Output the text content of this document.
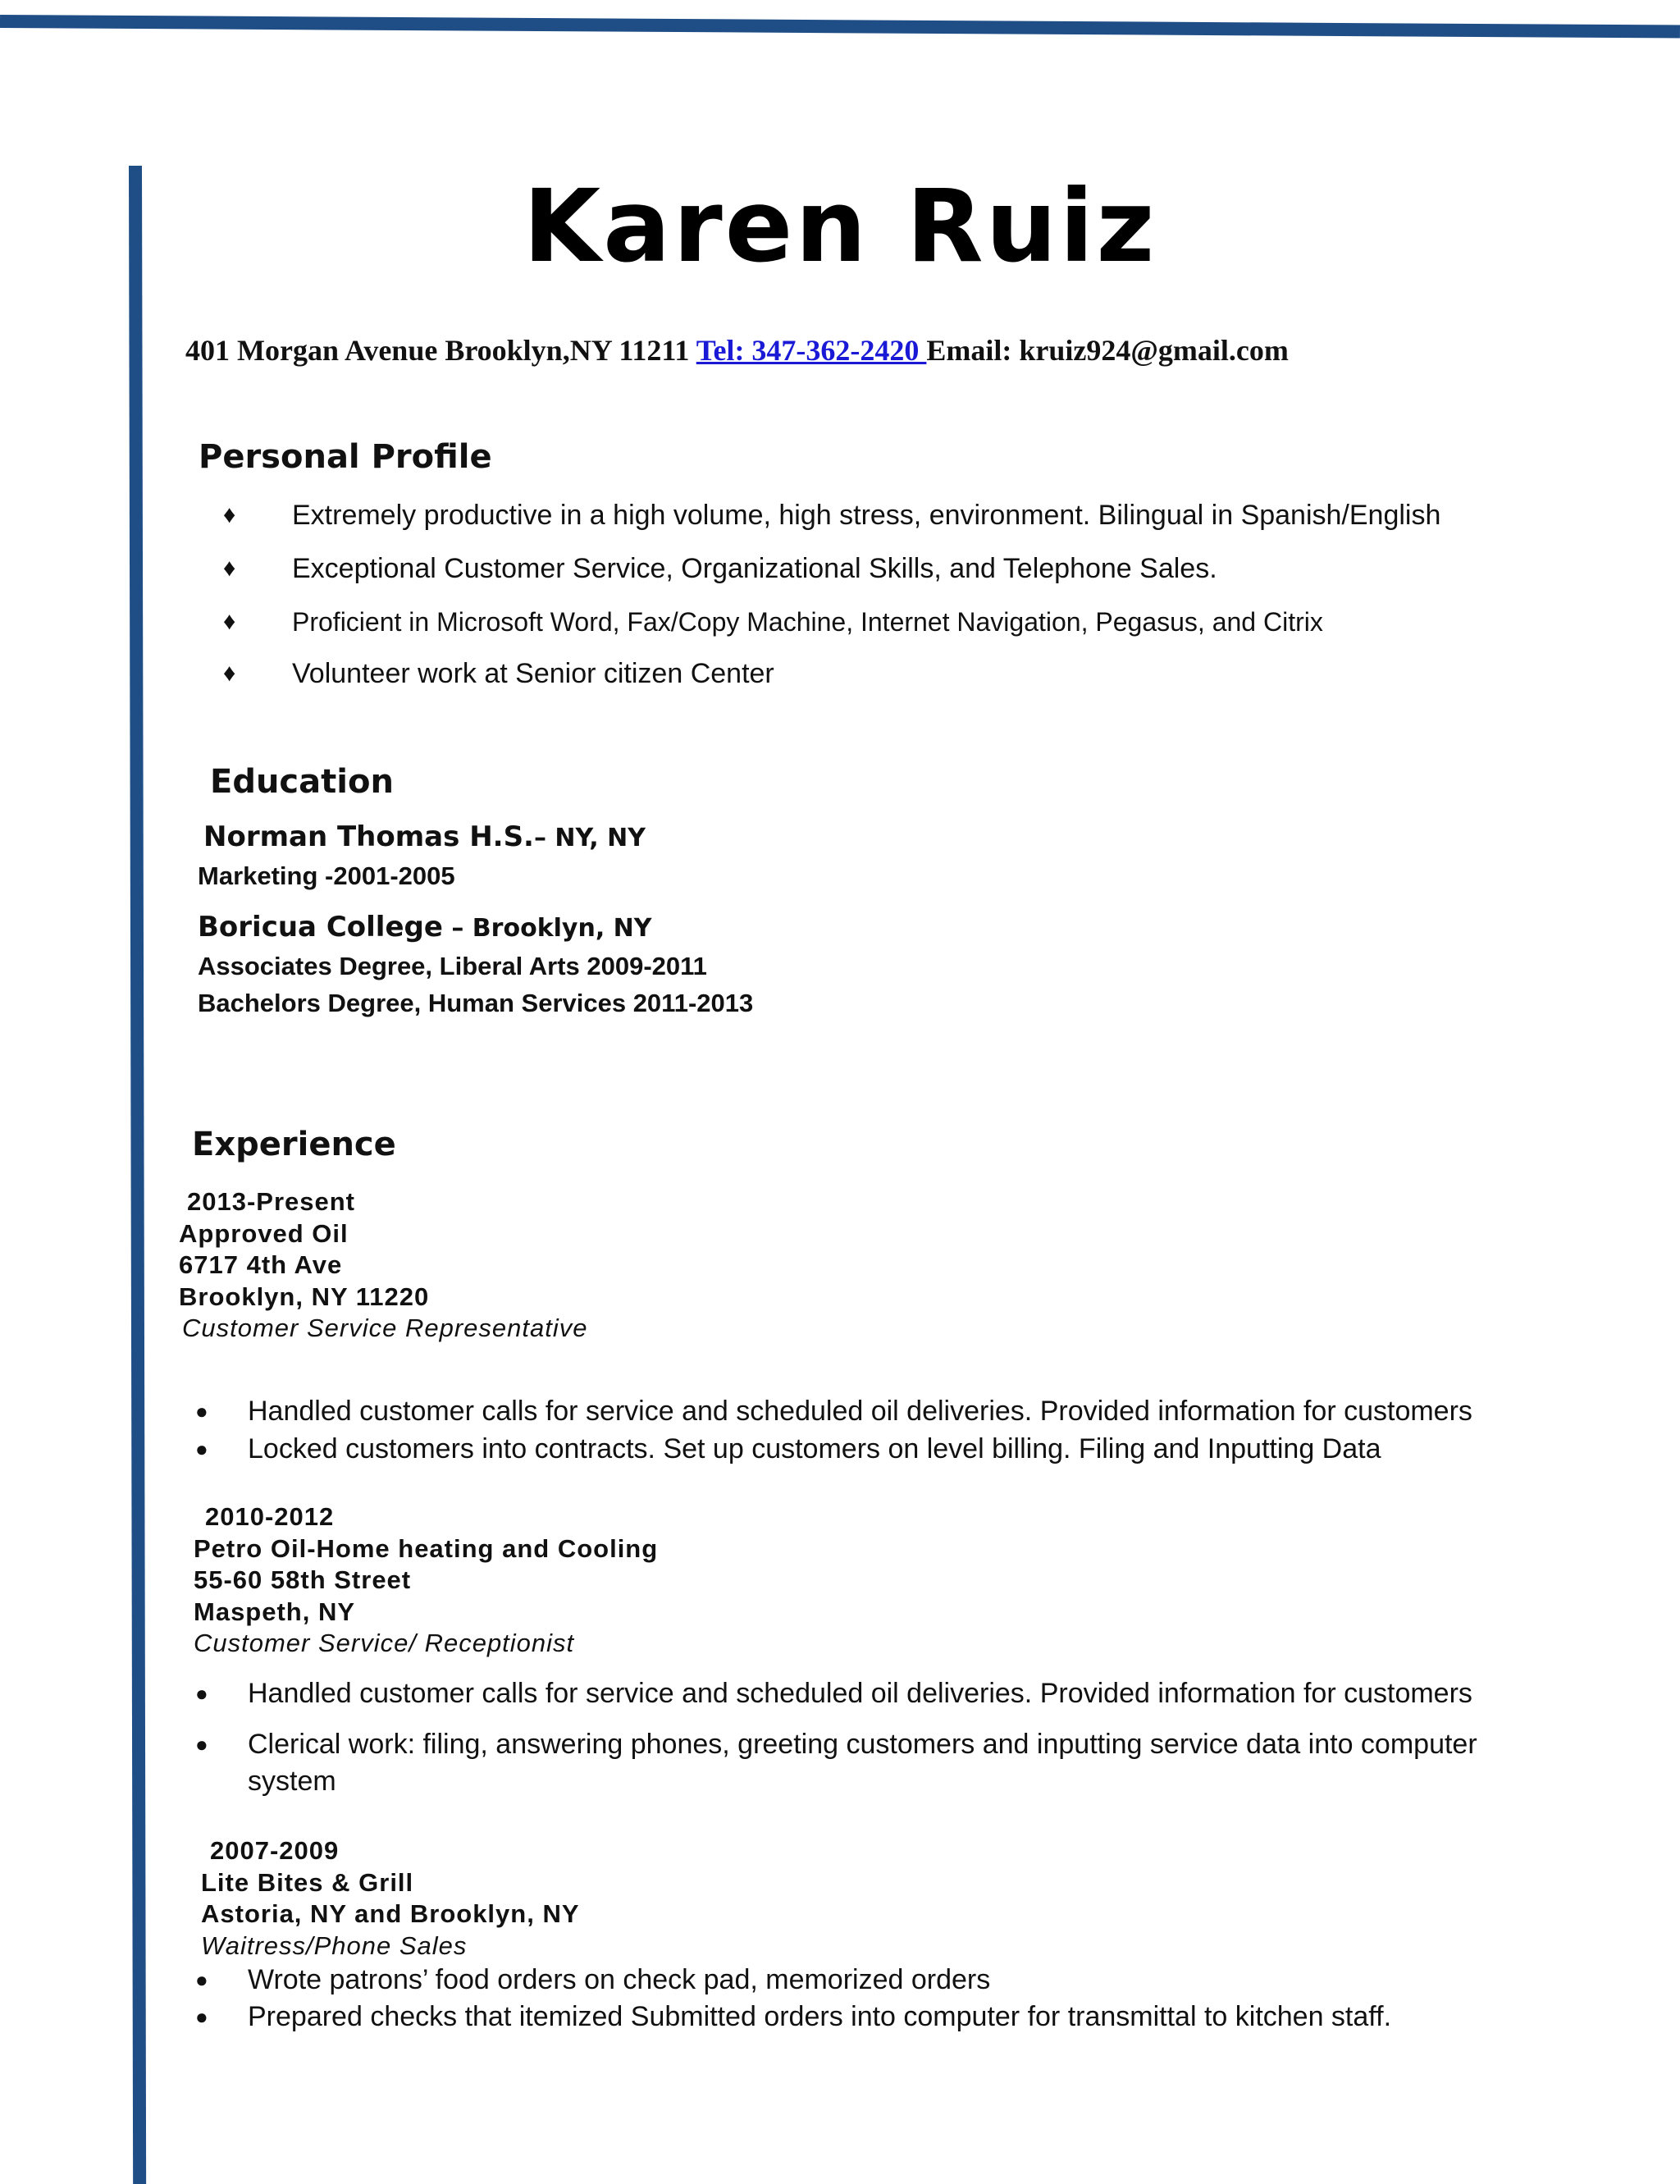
Karen Ruiz
401 Morgan Avenue Brooklyn,NY 11211 Tel: 347-362-2420 Email: kruiz924@gmail.com
Personal Profile
♦ Extremely productive in a high volume, high stress, environment. Bilingual in Spanish/English
♦ Exceptional Customer Service, Organizational Skills, and Telephone Sales.
♦ Proficient in Microsoft Word, Fax/Copy Machine, Internet Navigation, Pegasus, and Citrix
♦ Volunteer work at Senior citizen Center
Education
Norman Thomas H.S.– NY, NY
Marketing -2001-2005
Boricua College – Brooklyn, NY
Associates Degree, Liberal Arts 2009-2011
Bachelors Degree, Human Services 2011-2013
Experience
2013-Present
Approved Oil
6717 4th Ave
Brooklyn, NY 11220
Customer Service Representative
● Handled customer calls for service and scheduled oil deliveries. Provided information for customers
● Locked customers into contracts. Set up customers on level billing. Filing and Inputting Data
2010-2012
Petro Oil-Home heating and Cooling
55-60 58th Street
Maspeth, NY
Customer Service/ Receptionist
● Handled customer calls for service and scheduled oil deliveries. Provided information for customers
● Clerical work: filing, answering phones, greeting customers and inputting service data into computer
system
2007-2009
Lite Bites & Grill
Astoria, NY and Brooklyn, NY
Waitress/Phone Sales
● Wrote patrons’ food orders on check pad, memorized orders
● Prepared checks that itemized Submitted orders into computer for transmittal to kitchen staff.
